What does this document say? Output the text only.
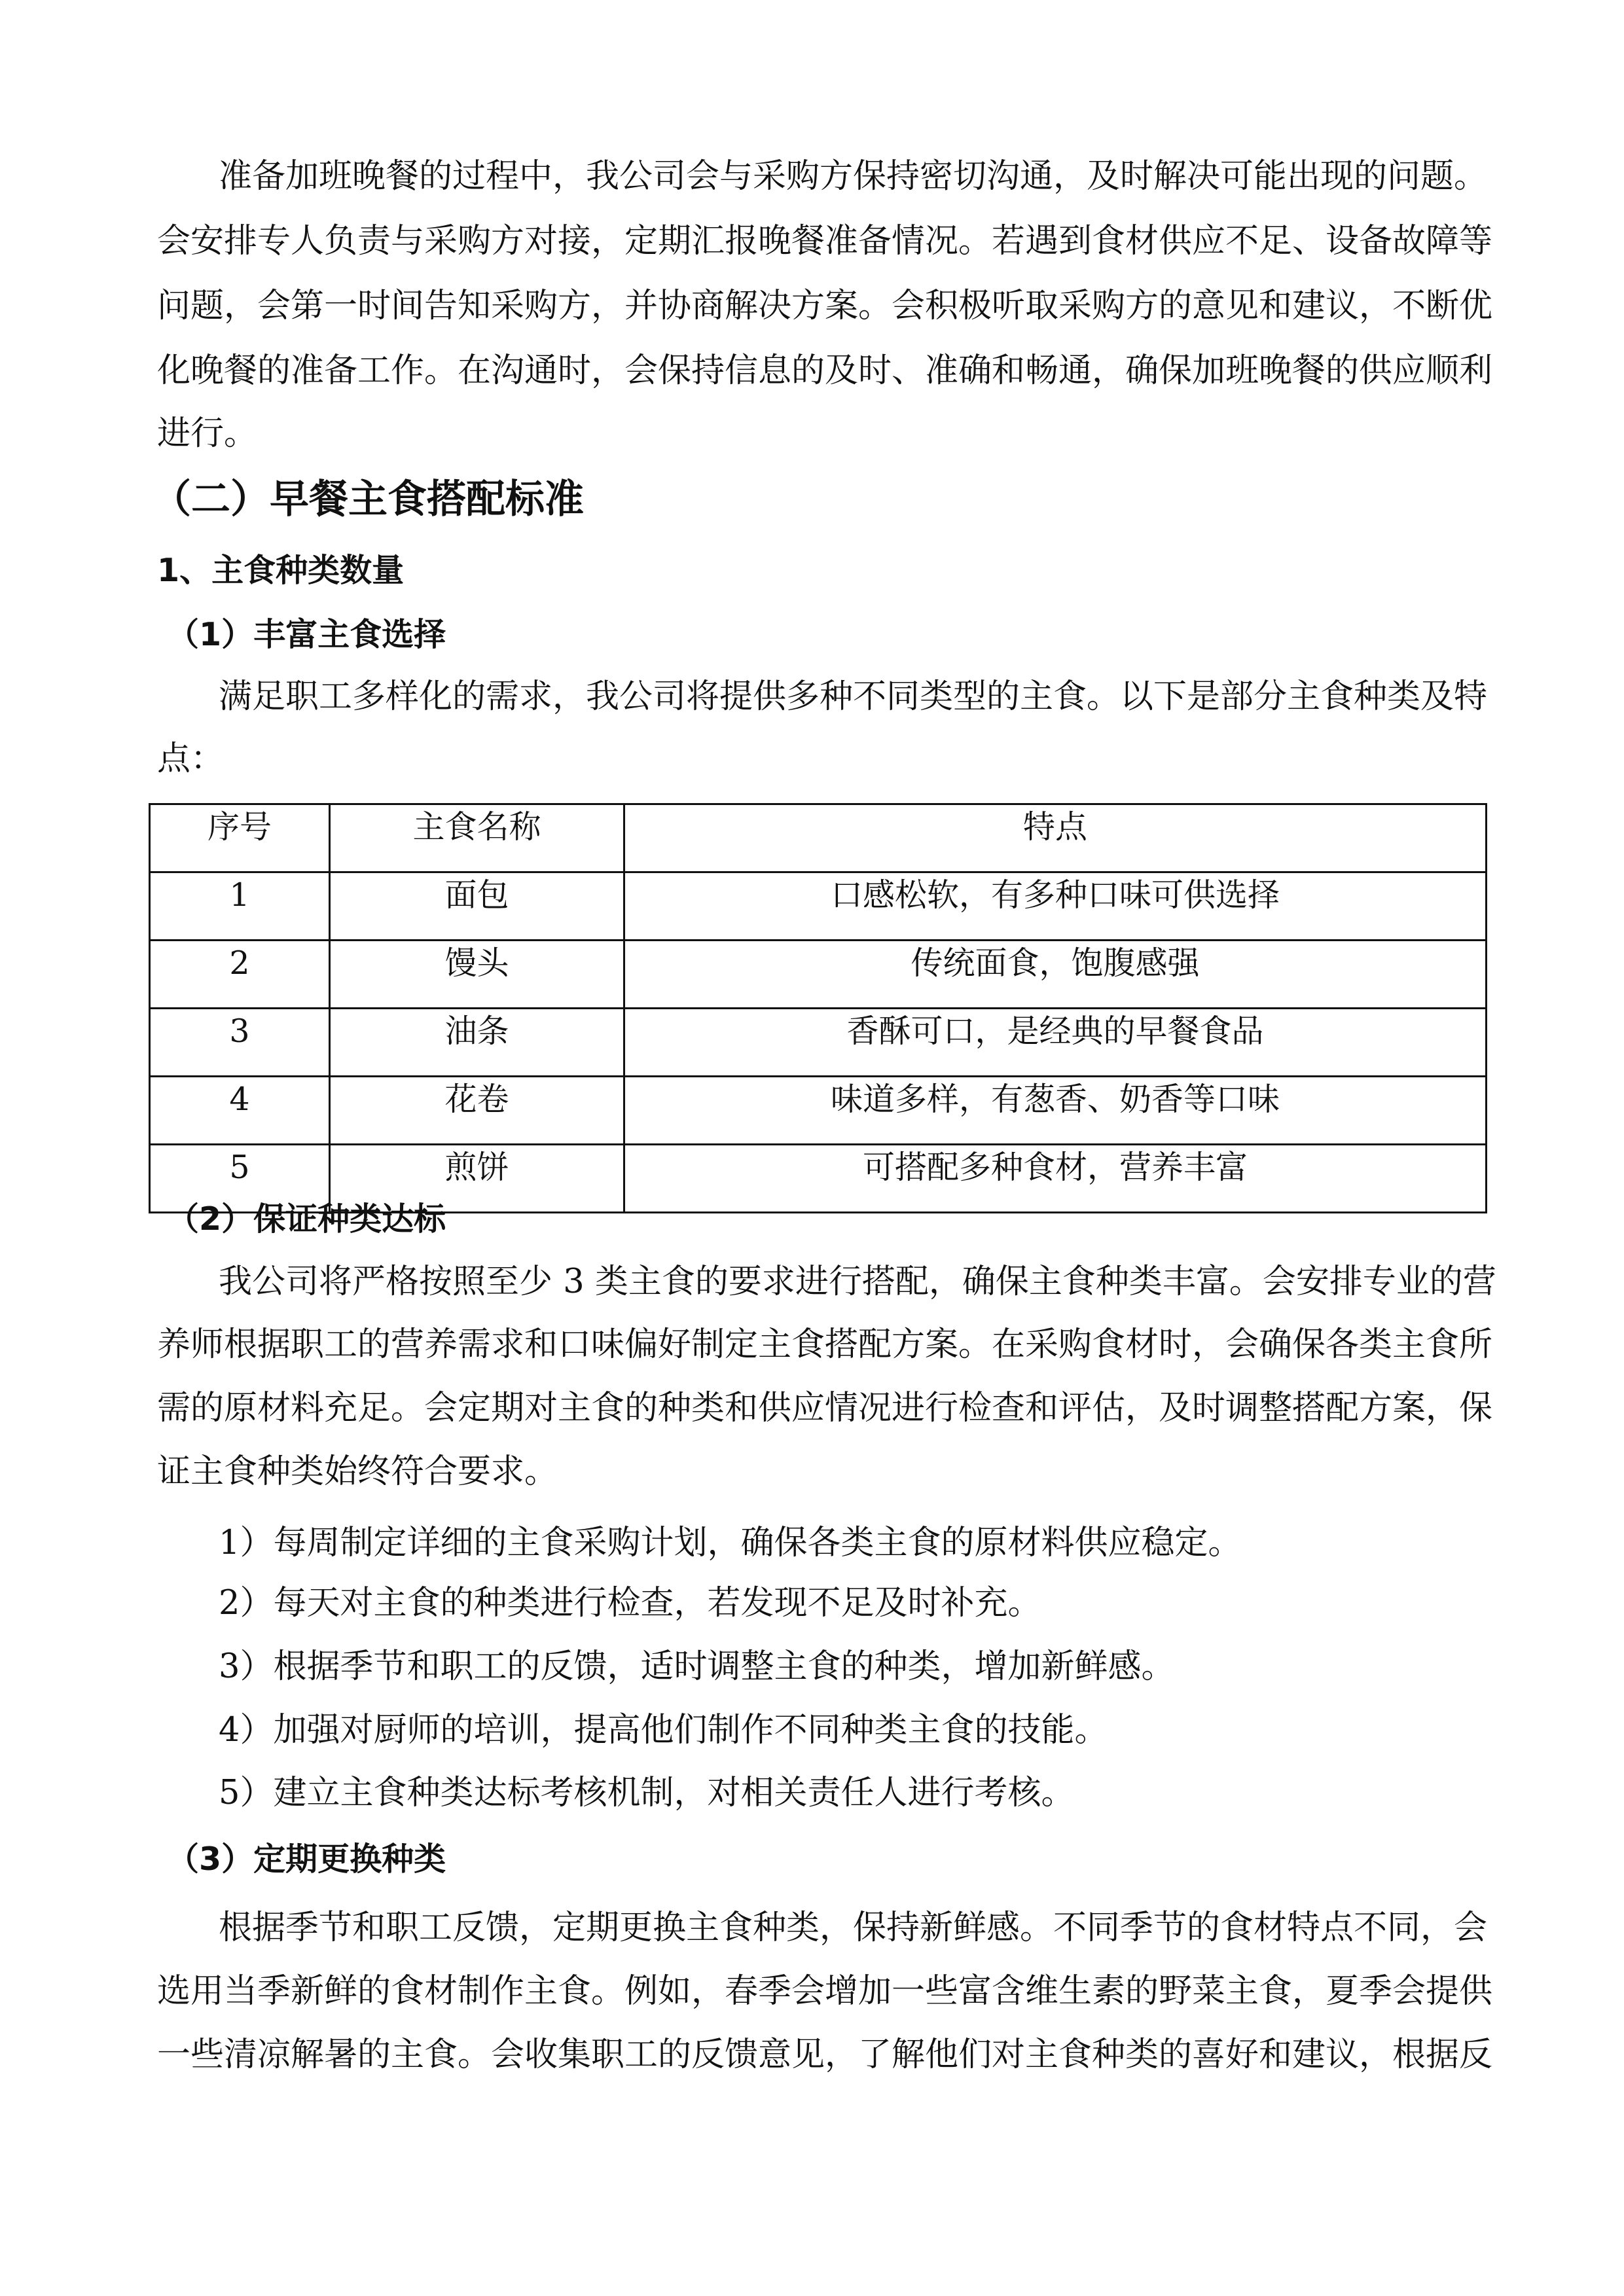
准备加班晚餐的过程中，我公司会与采购方保持密切沟通，及时解决可能出现的问题。
会安排专人负责与采购方对接，定期汇报晚餐准备情况。若遇到食材供应不足、设备故障等
问题，会第一时间告知采购方，并协商解决方案。会积极听取采购方的意见和建议，不断优
化晚餐的准备工作。在沟通时，会保持信息的及时、准确和畅通，确保加班晚餐的供应顺利
进行。
（二）早餐主食搭配标准
1、主食种类数量
（1）丰富主食选择
满足职工多样化的需求，我公司将提供多种不同类型的主食。以下是部分主食种类及特
点：
序号	主食名称	特点
1	面包	口感松软，有多种口味可供选择
2	馒头	传统面食，饱腹感强
3	油条	香酥可口，是经典的早餐食品
4	花卷	味道多样，有葱香、奶香等口味
5	煎饼	可搭配多种食材，营养丰富
（2）保证种类达标
我公司将严格按照至少 3 类主食的要求进行搭配，确保主食种类丰富。会安排专业的营
养师根据职工的营养需求和口味偏好制定主食搭配方案。在采购食材时，会确保各类主食所
需的原材料充足。会定期对主食的种类和供应情况进行检查和评估，及时调整搭配方案，保
证主食种类始终符合要求。
1）每周制定详细的主食采购计划，确保各类主食的原材料供应稳定。
2）每天对主食的种类进行检查，若发现不足及时补充。
3）根据季节和职工的反馈，适时调整主食的种类，增加新鲜感。
4）加强对厨师的培训，提高他们制作不同种类主食的技能。
5）建立主食种类达标考核机制，对相关责任人进行考核。
（3）定期更换种类
根据季节和职工反馈，定期更换主食种类，保持新鲜感。不同季节的食材特点不同，会
选用当季新鲜的食材制作主食。例如，春季会增加一些富含维生素的野菜主食，夏季会提供
一些清凉解暑的主食。会收集职工的反馈意见，了解他们对主食种类的喜好和建议，根据反
